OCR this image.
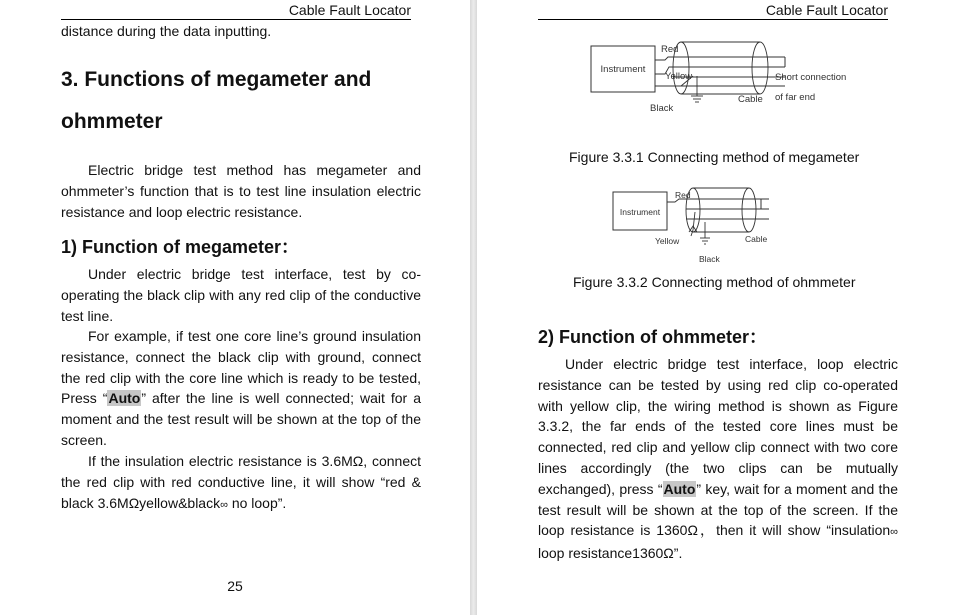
Cable Fault Locator

distance during the data inputting.

3. Functions of megameter and ohmmeter

Electric bridge test method has megameter and ohmmeter’s function that is to test line insulation electric resistance and loop electric resistance.

1) Function of megameter：

Under electric bridge test interface, test by co-operating the black clip with any red clip of the conductive test line.

For example, if test one core line’s ground insulation resistance, connect the black clip with ground, connect the red clip with the core line which is ready to be tested, Press “Auto” after the line is well connected; wait for a moment and the test result will be shown at the top of the screen.

If the insulation electric resistance is 3.6MΩ, connect the red clip with red conductive line, it will show “red & black 3.6MΩyellow&black∞ no loop”.

25
Cable Fault Locator
Instrument
Red
Yellow
Black
Cable
Short connection
of far end
Figure 3.3.1 Connecting method of megameter
Instrument
Red
Yellow
Black
Cable
Figure 3.3.2 Connecting method of ohmmeter
2) Function of ohmmeter：

Under electric bridge test interface, loop electric resistance can be tested by using red clip co-operated with yellow clip, the wiring method is shown as Figure 3.3.2, the far ends of the tested core lines must be connected, red clip and yellow clip connect with two core lines accordingly (the two clips can be mutually exchanged), press “Auto” key, wait for a moment and the test result will be shown at the top of the screen. If the loop resistance is 1360Ω，then it will show “insulation∞ loop resistance1360Ω”.
